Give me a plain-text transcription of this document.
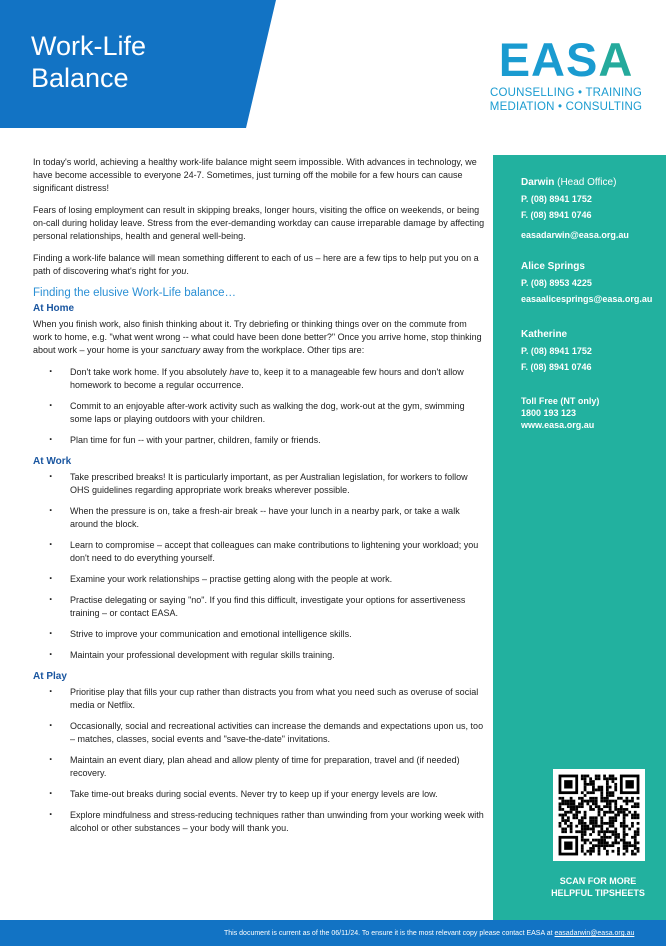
Work-Life
Balance	EASA
COUNSELLING • TRAINING
MEDIATION • CONSULTING

In today's world, achieving a healthy work-life balance might seem impossible. With advances in technology, we have become accessible to everyone 24-7. Sometimes, just turning off the mobile for a few hours can cause significant distress!

Fears of losing employment can result in skipping breaks, longer hours, visiting the office on weekends, or being on-call during holiday leave. Stress from the ever-demanding workday can cause irreparable damage by affecting personal relationships, health and general well-being.

Finding a work-life balance will mean something different to each of us – here are a few tips to help put you on a path of discovering what's right for you.

Finding the elusive Work-Life balance…
At Home

When you finish work, also finish thinking about it. Try debriefing or thinking things over on the commute from work to home, e.g. "what went wrong -- what could have been done better?" Once you arrive home, stop thinking about work – your home is your sanctuary away from the workplace. Other tips are:

· Don't take work home. If you absolutely have to, keep it to a manageable few hours and don't allow homework to become a regular occurrence.
· Commit to an enjoyable after-work activity such as walking the dog, work-out at the gym, swimming some laps or playing outdoors with your children.
· Plan time for fun -- with your partner, children, family or friends.
At Work
· Take prescribed breaks! It is particularly important, as per Australian legislation, for workers to follow OHS guidelines regarding appropriate work breaks wherever possible.
· When the pressure is on, take a fresh-air break -- have your lunch in a nearby park, or take a walk around the block.
· Learn to compromise – accept that colleagues can make contributions to lightening your workload; you don't need to do everything yourself.
· Examine your work relationships – practise getting along with the people at work.
· Practise delegating or saying "no". If you find this difficult, investigate your options for assertiveness training – or contact EASA.
· Strive to improve your communication and emotional intelligence skills.
· Maintain your professional development with regular skills training.
At Play
· Prioritise play that fills your cup rather than distracts you from what you need such as overuse of social media or Netflix.
· Occasionally, social and recreational activities can increase the demands and expectations upon us, too – matches, classes, social events and "save-the-date" invitations.
· Maintain an event diary, plan ahead and allow plenty of time for preparation, travel and (if needed) recovery.
· Take time-out breaks during social events. Never try to keep up if your energy levels are low.
· Explore mindfulness and stress-reducing techniques rather than unwinding from your working week with alcohol or other substances – your body will thank you.
Darwin (Head Office)
P. (08) 8941 1752
F. (08) 8941 0746
easadarwin@easa.org.au
Alice Springs
P. (08) 8953 4225
easaalicesprings@easa.org.au
Katherine
P. (08) 8941 1752
F. (08) 8941 0746
Toll Free (NT only)
1800 193 123
www.easa.org.au
SCAN FOR MORE
HELPFUL TIPSHEETS
This document is current as of the 06/11/24. To ensure it is the most relevant copy please contact EASA at easadarwin@easa.org.au
